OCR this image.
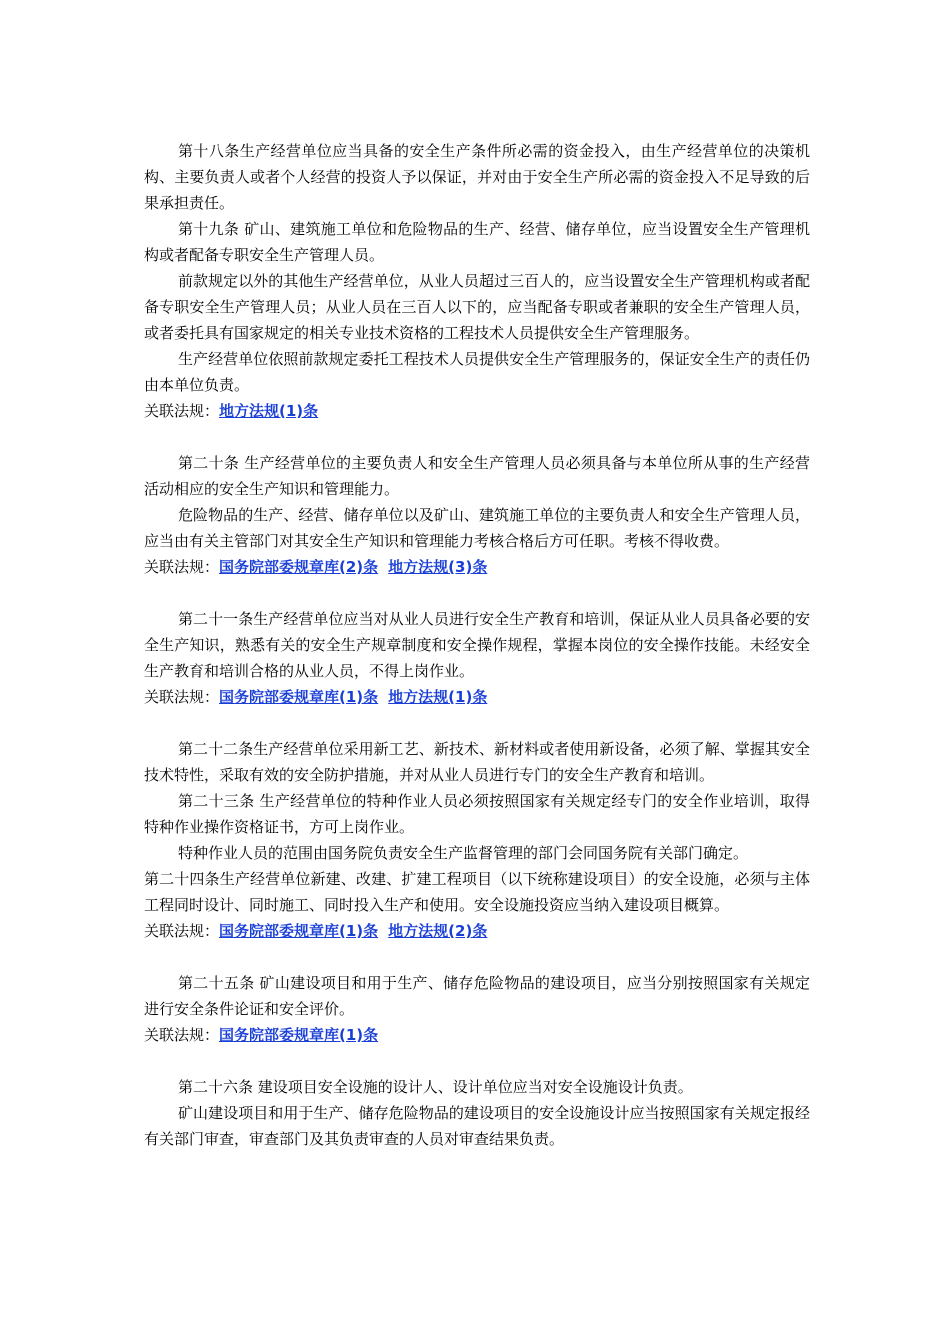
第十八条生产经营单位应当具备的安全生产条件所必需的资金投入，由生产经营单位的决策机构、主要负责人或者个人经营的投资人予以保证，并对由于安全生产所必需的资金投入不足导致的后果承担责任。

第十九条 矿山、建筑施工单位和危险物品的生产、经营、储存单位，应当设置安全生产管理机构或者配备专职安全生产管理人员。

前款规定以外的其他生产经营单位，从业人员超过三百人的，应当设置安全生产管理机构或者配备专职安全生产管理人员；从业人员在三百人以下的，应当配备专职或者兼职的安全生产管理人员，或者委托具有国家规定的相关专业技术资格的工程技术人员提供安全生产管理服务。

生产经营单位依照前款规定委托工程技术人员提供安全生产管理服务的，保证安全生产的责任仍由本单位负责。

关联法规：地方法规(1)条

第二十条 生产经营单位的主要负责人和安全生产管理人员必须具备与本单位所从事的生产经营活动相应的安全生产知识和管理能力。

危险物品的生产、经营、储存单位以及矿山、建筑施工单位的主要负责人和安全生产管理人员，应当由有关主管部门对其安全生产知识和管理能力考核合格后方可任职。考核不得收费。

关联法规：国务院部委规章库(2)条 地方法规(3)条

第二十一条生产经营单位应当对从业人员进行安全生产教育和培训，保证从业人员具备必要的安全生产知识，熟悉有关的安全生产规章制度和安全操作规程，掌握本岗位的安全操作技能。未经安全生产教育和培训合格的从业人员，不得上岗作业。

关联法规：国务院部委规章库(1)条 地方法规(1)条

第二十二条生产经营单位采用新工艺、新技术、新材料或者使用新设备，必须了解、掌握其安全技术特性，采取有效的安全防护措施，并对从业人员进行专门的安全生产教育和培训。

第二十三条 生产经营单位的特种作业人员必须按照国家有关规定经专门的安全作业培训，取得特种作业操作资格证书，方可上岗作业。

特种作业人员的范围由国务院负责安全生产监督管理的部门会同国务院有关部门确定。

第二十四条生产经营单位新建、改建、扩建工程项目（以下统称建设项目）的安全设施，必须与主体工程同时设计、同时施工、同时投入生产和使用。安全设施投资应当纳入建设项目概算。

关联法规：国务院部委规章库(1)条 地方法规(2)条

第二十五条 矿山建设项目和用于生产、储存危险物品的建设项目，应当分别按照国家有关规定进行安全条件论证和安全评价。

关联法规：国务院部委规章库(1)条

第二十六条 建设项目安全设施的设计人、设计单位应当对安全设施设计负责。

矿山建设项目和用于生产、储存危险物品的建设项目的安全设施设计应当按照国家有关规定报经有关部门审查，审查部门及其负责审查的人员对审查结果负责。
